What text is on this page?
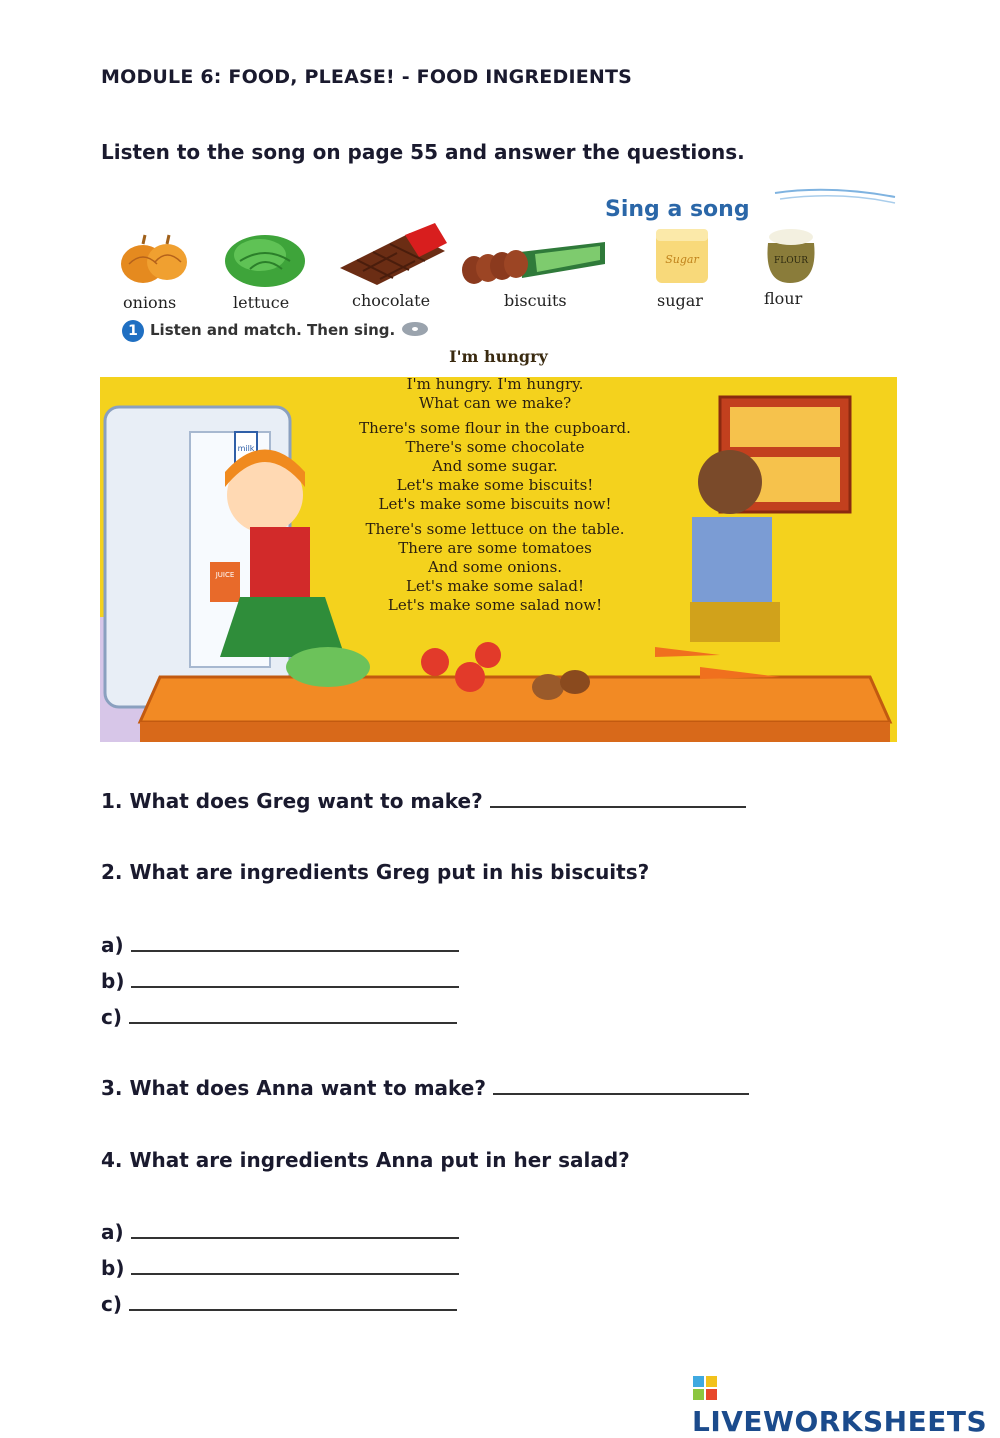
MODULE 6: FOOD, PLEASE! - FOOD INGREDIENTS
Listen to the song on page 55 and answer the questions.
Sing a song
Sugar	FLOUR
onions	lettuce	chocolate	biscuits	sugar	flour
1 Listen and match. Then sing.
milk
JUICE
I'm hungry
I'm hungry. I'm hungry.
What can we make?
There's some flour in the cupboard.
There's some chocolate
And some sugar.
Let's make some biscuits!
Let's make some biscuits now!
There's some lettuce on the table.
There are some tomatoes
And some onions.
Let's make some salad!
Let's make some salad now!
1. What does Greg want to make?
2. What are ingredients Greg put in his biscuits?
a)
b)
c)
3. What does Anna want to make?
4. What are ingredients Anna put in her salad?
a)
b)
c)
LIVEWORKSHEETS
